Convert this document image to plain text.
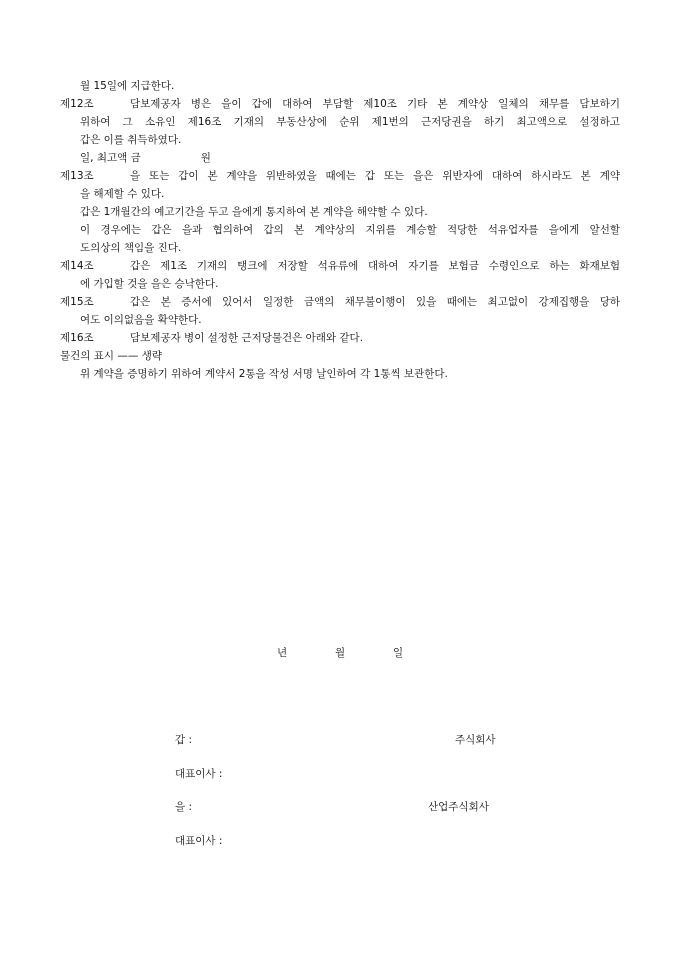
월 15일에 지급한다.
제12조	담보제공자 병은 을이 갑에 대하여 부담할 제10조 기타 본 계약상 일체의 채무를 담보하기
위하여 그 소유인 제16조 기재의 부동산상에 순위 제1번의 근저당권을 하기 최고액으로 설정하고
갑은 이를 취득하였다.
일, 최고액 금                  원
제13조	을 또는 갑이 본 계약을 위반하였을 때에는 갑 또는 을은 위반자에 대하여 하시라도 본 계약
을 해제할 수 있다.
갑은 1개월간의 예고기간을 두고 을에게 통지하여 본 계약을 해약할 수 있다.
이 경우에는 갑은 을과 협의하여 갑의 본 계약상의 지위를 계승할 적당한 석유업자를 을에게 알선할
도의상의 책임을 진다.
제14조	갑은 제1조 기재의 탱크에 저장할 석유류에 대하여 자기를 보험금 수령인으로 하는 화재보험
에 가입할 것을 을은 승낙한다.
제15조	갑은 본 증서에 있어서 일정한 금액의 채무불이행이 있을 때에는 최고없이 강제집행을 당하
여도 이의없음을 확약한다.
제16조	담보제공자 병이 설정한 근저당물건은 아래와 같다.
물건의 표시 —— 생략
위 계약을 증명하기 위하여 계약서 2통을 작성 서명 날인하여 각 1통씩 보관한다.
년	월	일
갑 :	주식회사
대표이사 :
을 :	산업주식회사
대표이사 :
